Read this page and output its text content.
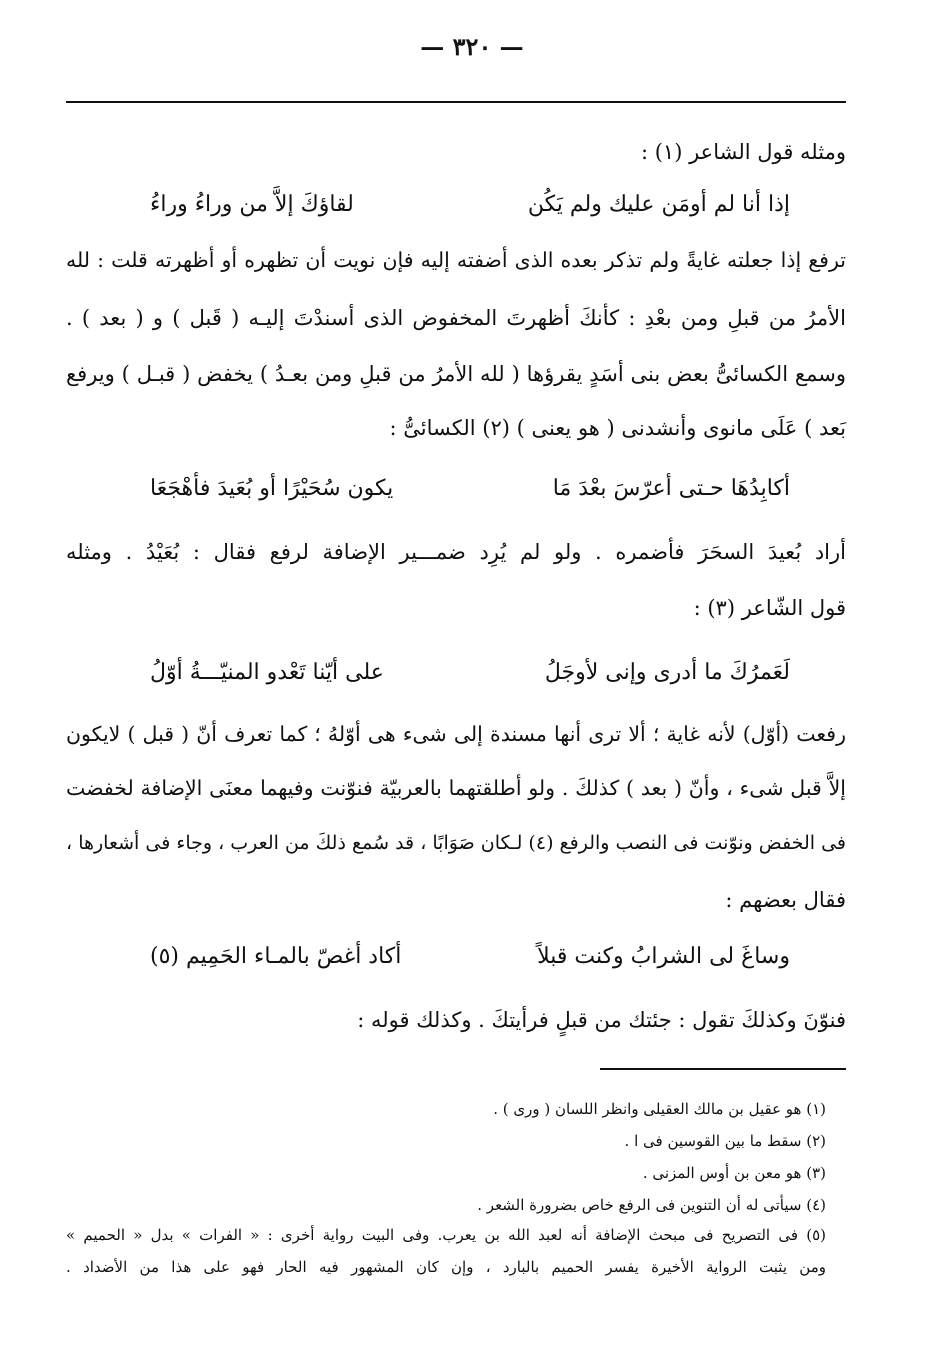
— ٣٢٠ —
ومثله قول الشاعر (١) :
إذا أنا لم أومَن عليك ولم يَكُن
لقاؤكَ إلاَّ من وراءُ وراءُ
ترفع إذا جعلته غايةً ولم تذكر بعده الذى أضفته إليه فإن نويت أن تظهره أو أظهرته قلت : لله
الأمرُ من قبلِ ومن بعْدِ : كأنكَ أظهرتَ المخفوض الذى أسندْتَ إليـه ( قَبل ) و ( بعد ) .
وسمع الكسائىُّ بعض بنى أسَدٍ يقرؤها ( لله الأمرُ من قبلِ ومن بعـدُ ) يخفض ( قبـل ) ويرفع
بَعد ) عَلَى مانوى وأنشدنى ( هو يعنى ) (٢) الكسائىُّ :
أكابِدُهَا حـتى أعرّسَ بعْدَ مَا
يكون سُحَيْرًا أو بُعَيدَ فأهْجَعَا
أراد بُعيدَ السحَرَ فأضمره . ولو لم يُرِد ضمـــير الإضافة لرفع فقال : بُعَيْدُ . ومثله
قول الشّاعر (٣) :
لَعَمرُكَ ما أدرى وإنى لأوجَلُ
على أيّنا تَعْدو المنيّـــةُ أوّلُ
رفعت (أوّل) لأنه غاية ؛ ألا ترى أنها مسندة إلى شىء هى أوّلهُ ؛ كما تعرف أنّ ( قبل ) لايكون
إلاَّ قبل شىء ، وأنّ ( بعد ) كذلكَ . ولو أطلقتهما بالعربيّة فنوّنت وفيهما معنَى الإضافة لخفضت
فى الخفض ونوّنت فى النصب والرفع (٤) لـكان صَوَابًا ، قد سُمع ذلكَ من العرب ، وجاء فى أشعارها ،
فقال بعضهم :
وساغَ لى الشرابُ وكنت قبلاً
أكاد أغصّ بالمـاء الحَمِيم (٥)
فنوّنَ وكذلكَ تقول : جئتك من قبلٍ فرأيتكَ . وكذلك قوله :
(١) هو عقيل بن مالك العقيلى وانظر اللسان ( ورى ) .
(٢) سقط ما بين القوسين فى ا .
(٣) هو معن بن أوس المزنى .
(٤) سيأتى له أن التنوين فى الرفع خاص بضرورة الشعر .
(٥) فى التصريح فى مبحث الإضافة أنه لعبد الله بن يعرب. وفى البيت رواية أخرى : « الفرات » بدل « الحميم »
ومن يثبت الرواية الأخيرة يفسر الحميم بالبارد ، وإن كان المشهور فيه الحار فهو على هذا من الأضداد .
